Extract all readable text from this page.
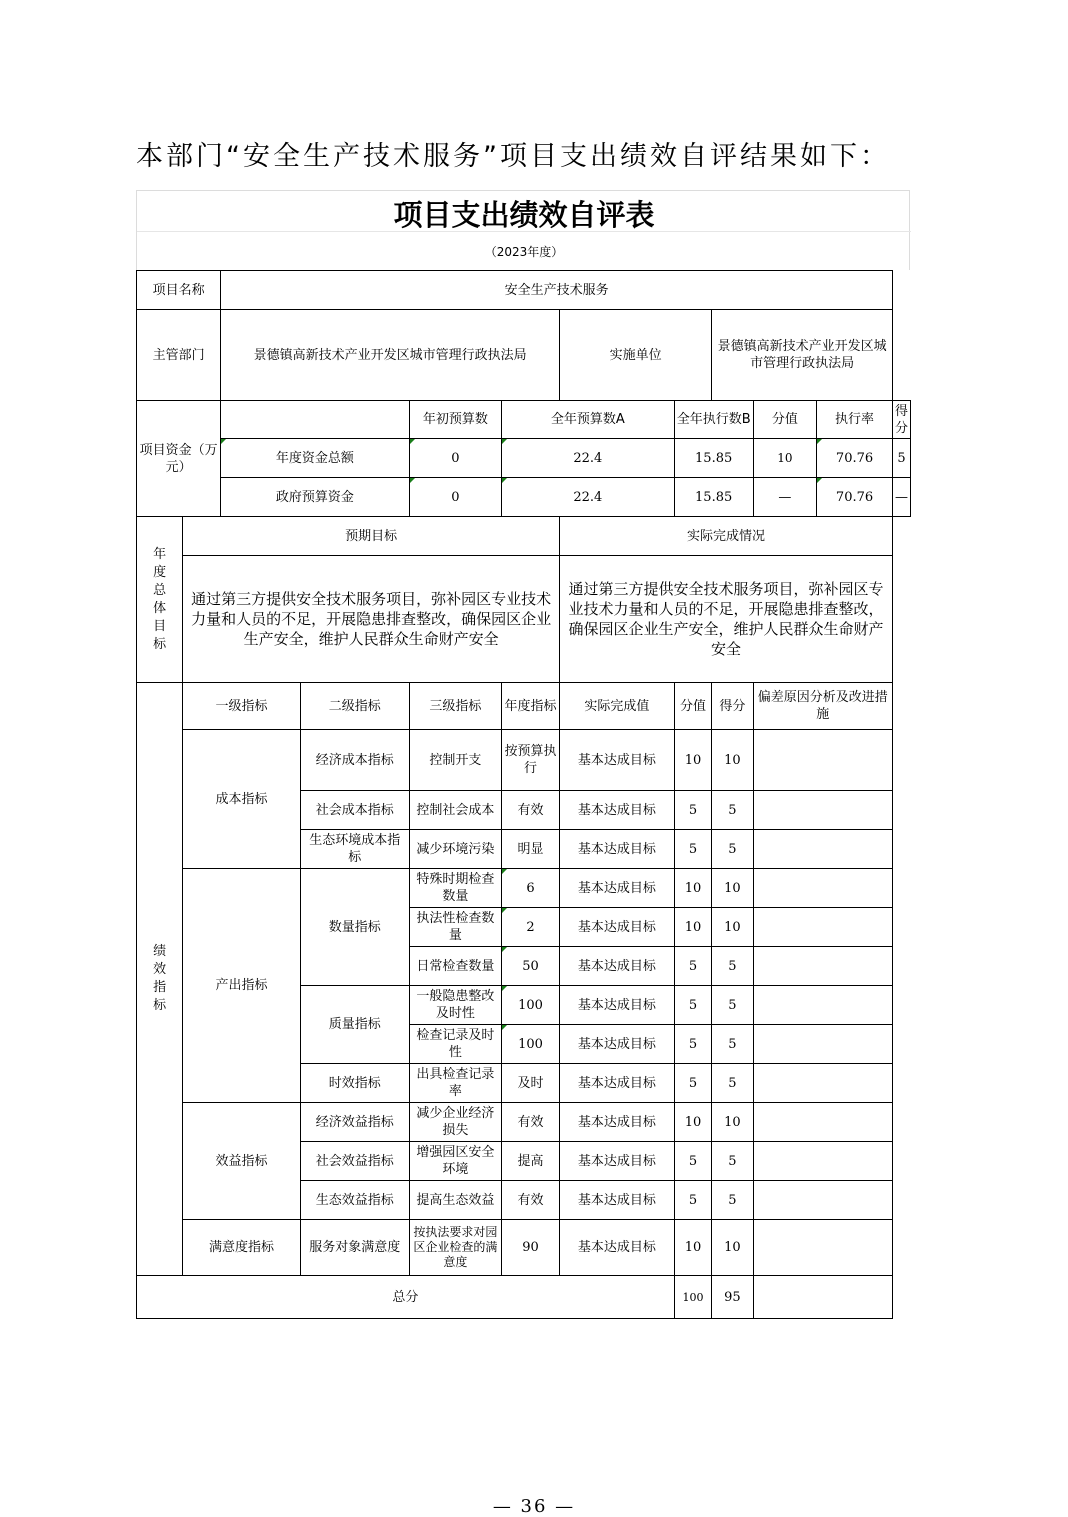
本部门“安全生产技术服务”项目支出绩效自评结果如下：
项目支出绩效自评表
（2023年度）
项目名称		安全生产技术服务									
主管部门		景德镇高新技术产业开发区城市管理行政执法局				实施单位		景德镇高新技术产业开发区城市管理行政执法局			
项目资金（万元）				年初预算数	全年预算数A		全年执行数B		分值	执行率	得分
		年度资金总额		0	22.4		15.85		10	70.76	5
		政府预算资金		0	22.4		15.85		—	70.76	—
年度总体目标	预期目标					实际完成情况					
	通过第三方提供安全技术服务项目，弥补园区专业技术力量和人员的不足，开展隐患排查整改，确保园区企业生产安全，维护人民群众生命财产安全					通过第三方提供安全技术服务项目，弥补园区专业技术力量和人员的不足，开展隐患排查整改，确保园区企业生产安全，维护人民群众生命财产安全					
绩效指标	一级指标		二级指标	三级指标	年度指标	实际完成值	分值	得分	偏差原因分析及改进措施		
	成本指标		经济成本指标	控制开支	按预算执行	基本达成目标	10	10			
			社会成本指标	控制社会成本	有效	基本达成目标	5	5			
			生态环境成本指标	减少环境污染	明显	基本达成目标	5	5			
	产出指标		数量指标	特殊时期检查数量	6	基本达成目标	10	10			
				执法性检查数量	2	基本达成目标	10	10			
				日常检查数量	50	基本达成目标	5	5			
			质量指标	一般隐患整改及时性	100	基本达成目标	5	5			
				检查记录及时性	100	基本达成目标	5	5			
			时效指标	出具检查记录率	及时	基本达成目标	5	5			
	效益指标		经济效益指标	减少企业经济损失	有效	基本达成目标	10	10			
			社会效益指标	增强园区安全环境	提高	基本达成目标	5	5			
			生态效益指标	提高生态效益	有效	基本达成目标	5	5			
	满意度指标		服务对象满意度	按执法要求对园区企业检查的满意度	90	基本达成目标	10	10			
总分							100	95			
— 36 —
